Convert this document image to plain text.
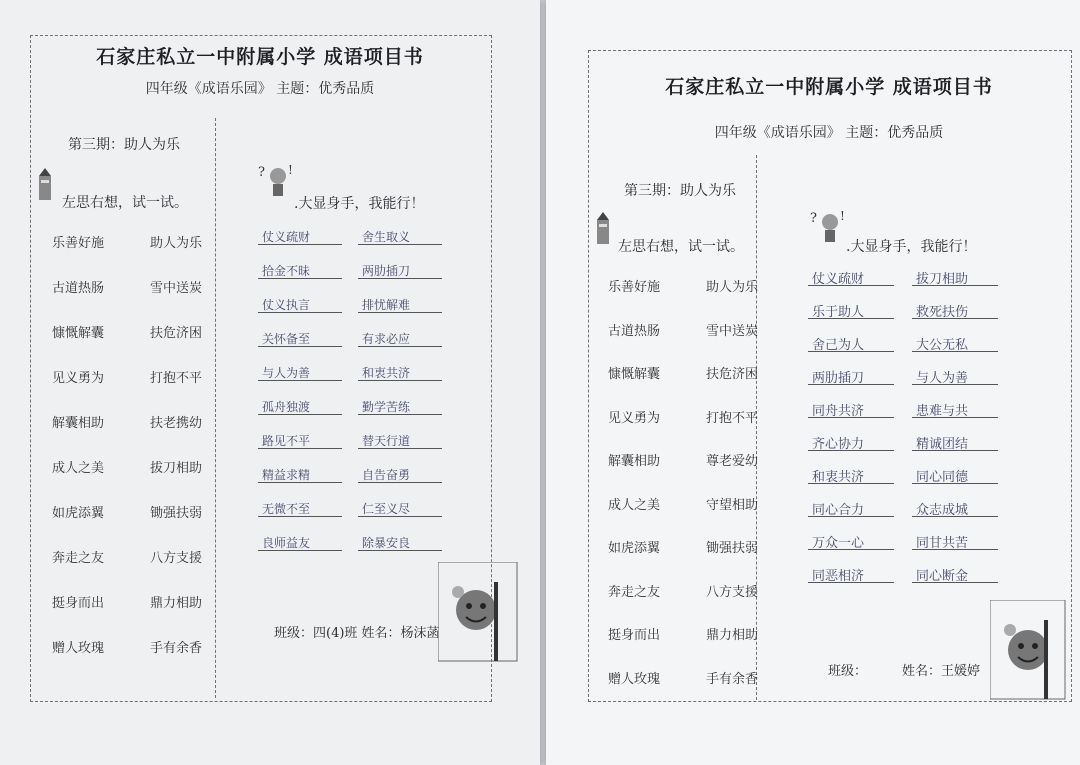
石家庄私立一中附属小学 成语项目书
四年级《成语乐园》 主题：优秀品质
第三期：助人为乐
左思右想，试一试。
? !
.大显身手，我能行！
乐善好施	助人为乐
古道热肠	雪中送炭
慷慨解囊	扶危济困
见义勇为	打抱不平
解囊相助	扶老携幼
成人之美	拔刀相助
如虎添翼	锄强扶弱
奔走之友	八方支援
挺身而出	鼎力相助
赠人玫瑰	手有余香
仗义疏财	舍生取义
拾金不昧	两肋插刀
仗义执言	排忧解难
关怀备至	有求必应
与人为善	和衷共济
孤舟独渡	勤学苦练
路见不平	替天行道
精益求精	自告奋勇
无微不至	仁至义尽
良师益友	除暴安良
班级：四(4)班 姓名：杨沫菡
石家庄私立一中附属小学 成语项目书
四年级《成语乐园》 主题：优秀品质
第三期：助人为乐
左思右想，试一试。
? !
.大显身手，我能行！
乐善好施	助人为乐
古道热肠	雪中送炭
慷慨解囊	扶危济困
见义勇为	打抱不平
解囊相助	尊老爱幼
成人之美	守望相助
如虎添翼	锄强扶弱
奔走之友	八方支援
挺身而出	鼎力相助
赠人玫瑰	手有余香
仗义疏财	拔刀相助
乐于助人	救死扶伤
舍己为人	大公无私
两肋插刀	与人为善
同舟共济	患难与共
齐心协力	精诚团结
和衷共济	同心同德
同心合力	众志成城
万众一心	同甘共苦
同恶相济	同心断金
班级：	姓名：王媛婷
